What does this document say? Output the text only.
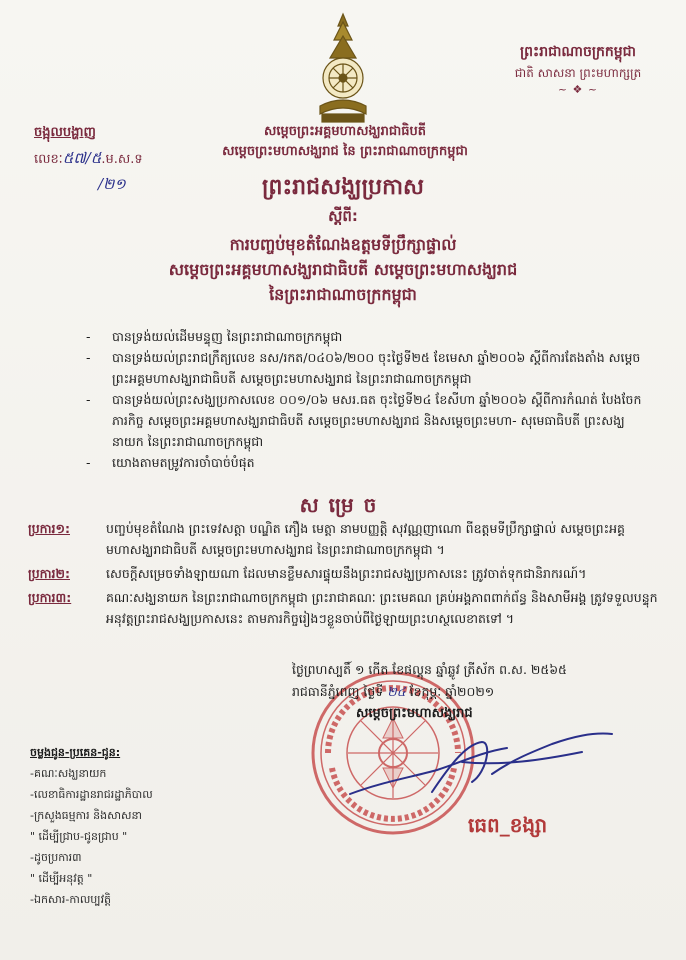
ព្រះរាជាណាចក្រកម្ពុជា
ជាតិ សាសនា ព្រះមហាក្សត្រ
~ ❖ ~
ចង្អុលបង្ហាញ
លេខៈ៥៧/៥.ម.ស.ទ
/២១
សម្ដេចព្រះអគ្គមហាសង្ឃរាជាធិបតី
សម្ដេចព្រះមហាសង្ឃរាជ នៃ ព្រះរាជាណាចក្រកម្ពុជា
ព្រះរាជសង្ឃប្រកាស
ស្ដីពី:
ការបញ្ចប់មុខតំណែងឧត្តមទីប្រឹក្សាផ្ទាល់
សម្ដេចព្រះអគ្គមហាសង្ឃរាជាធិបតី សម្ដេចព្រះមហាសង្ឃរាជ
នៃព្រះរាជាណាចក្រកម្ពុជា
-	បានទ្រង់យល់ដើមមន្ទុញ នៃព្រះរាជាណាចក្រកម្ពុជា
-	បានទ្រង់យល់ព្រះរាជក្រឹត្យលេខ នស/រកត/០៤០៦/២០០ ចុះថ្ងៃទី២៥ ខែមេសា ឆ្នាំ២០០៦ ស្ដីពីការតែងតាំង សម្ដេចព្រះអគ្គមហាសង្ឃរាជាធិបតី សម្ដេចព្រះមហាសង្ឃរាជ នៃព្រះរាជាណាចក្រកម្ពុជា
-	បានទ្រង់យល់ព្រះសង្ឃប្រកាសលេខ ០០១/០៦ មសរ.ធត ចុះថ្ងៃទី២៤ ខែសីហា ឆ្នាំ២០០៦ ស្ដីពីការកំណត់ បែងចែកភារកិច្ច សម្ដេចព្រះអគ្គមហាសង្ឃរាជាធិបតី សម្ដេចព្រះមហាសង្ឃរាជ និងសម្ដេចព្រះមហា- សុមេធាធិបតី ព្រះសង្ឃនាយក នៃព្រះរាជាណាចក្រកម្ពុជា
-	យោងតាមតម្រូវការចាំបាច់បំផុត
សម្រេច
ប្រការ១:	បញ្ចប់មុខតំណែង ព្រះទេវសត្តា បណ្ឌិត ភឿង មេត្តា នាមបញ្ញត្តិ សុវណ្ណញាណោ ពីឧត្តមទីប្រឹក្សាផ្ទាល់ សម្ដេចព្រះអគ្គមហាសង្ឃរាជាធិបតី សម្ដេចព្រះមហាសង្ឃរាជ នៃព្រះរាជាណាចក្រកម្ពុជា ។
ប្រការ២:	សេចក្ដីសម្រេចទាំងឡាយណា ដែលមានខ្លឹមសារផ្ទុយនឹងព្រះរាជសង្ឃប្រកាសនេះ ត្រូវចាត់ទុកជានិរាករណ៍។
ប្រការ៣:	គណៈសង្ឃនាយក នៃព្រះរាជាណាចក្រកម្ពុជា ព្រះរាជាគណៈ ព្រះមេគណ គ្រប់អង្គភាពពាក់ព័ន្ធ និងសាមីអង្គ ត្រូវទទួលបន្ទុកអនុវត្តព្រះរាជសង្ឃប្រកាសនេះ តាមភារកិច្ចរៀងៗខ្លួនចាប់ពីថ្ងៃឡាយព្រះហស្ថលេខាតទៅ ។
ថ្ងៃព្រហស្បតិ៍ ១ កើត ខែផល្គុន ឆ្នាំឆ្លូវ ត្រីស័ក ព.ស. ២៥៦៥
រាជធានីភ្នំពេញ ថ្ងៃទី ២៤ ខែកុម្ភៈ ឆ្នាំ២០២១
សម្ដេចព្រះមហាសង្ឃរាជ
ធេព_ខង្សា
ចម្លងជូន-ប្រគេន-ជូន:
-គណៈសង្ឃនាយក
-លេខាធិការដ្ឋានរាជរដ្ឋាភិបាល
-ក្រសួងធម្មការ និងសាសនា
" ដើម្បីជ្រាប-ជូនជ្រាប "
-ដូចប្រការ៣
" ដើម្បីអនុវត្ត "
-ឯកសារ-កាលប្បវត្តិ
